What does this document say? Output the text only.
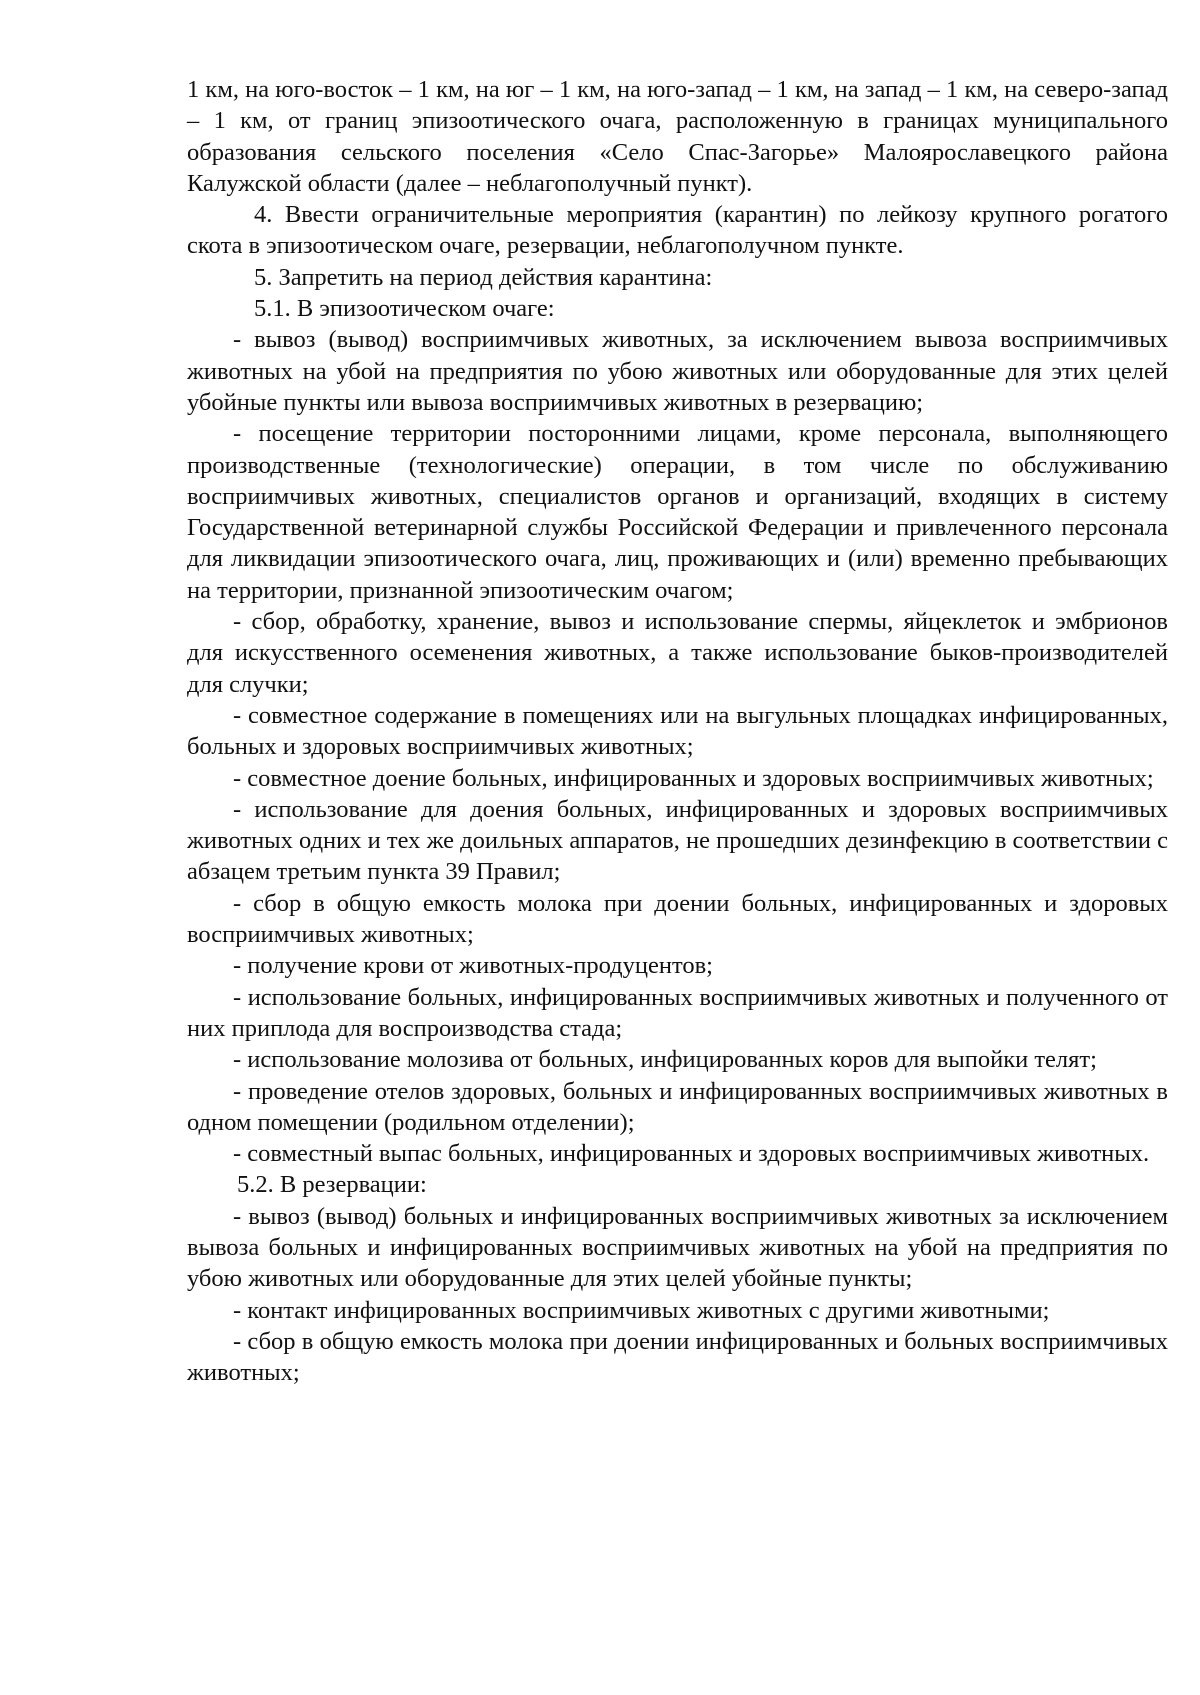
1 км, на юго-восток – 1 км, на юг – 1 км, на юго-запад – 1 км, на запад – 1 км, на северо-запад – 1 км, от границ эпизоотического очага, расположенную в границах муниципального образования сельского поселения «Село Спас-Загорье» Малоярославецкого района Калужской области (далее – неблагополучный пункт).

4. Ввести ограничительные мероприятия (карантин) по лейкозу крупного рогатого скота в эпизоотическом очаге, резервации, неблагополучном пункте.

5. Запретить на период действия карантина:

5.1. В эпизоотическом очаге:

- вывоз (вывод) восприимчивых животных, за исключением вывоза восприимчивых животных на убой на предприятия по убою животных или оборудованные для этих целей убойные пункты или вывоза восприимчивых животных в резервацию;

- посещение территории посторонними лицами, кроме персонала, выполняющего производственные (технологические) операции, в том числе по обслуживанию восприимчивых животных, специалистов органов и организаций, входящих в систему Государственной ветеринарной службы Российской Федерации и привлеченного персонала для ликвидации эпизоотического очага, лиц, проживающих и (или) временно пребывающих на территории, признанной эпизоотическим очагом;

- сбор, обработку, хранение, вывоз и использование спермы, яйцеклеток и эмбрионов для искусственного осеменения животных, а также использование быков-производителей для случки;

- совместное содержание в помещениях или на выгульных площадках инфицированных, больных и здоровых восприимчивых животных;

- совместное доение больных, инфицированных и здоровых восприимчивых животных;

- использование для доения больных, инфицированных и здоровых восприимчивых животных одних и тех же доильных аппаратов, не прошедших дезинфекцию в соответствии с абзацем третьим пункта 39 Правил;

- сбор в общую емкость молока при доении больных, инфицированных и здоровых восприимчивых животных;

- получение крови от животных-продуцентов;

- использование больных, инфицированных восприимчивых животных и полученного от них приплода для воспроизводства стада;

- использование молозива от больных, инфицированных коров для выпойки телят;

- проведение отелов здоровых, больных и инфицированных восприимчивых животных в одном помещении (родильном отделении);

- совместный выпас больных, инфицированных и здоровых восприимчивых животных.

5.2. В резервации:

- вывоз (вывод) больных и инфицированных восприимчивых животных за исключением вывоза больных и инфицированных восприимчивых животных на убой на предприятия по убою животных или оборудованные для этих целей убойные пункты;

- контакт инфицированных восприимчивых животных с другими животными;

- сбор в общую емкость молока при доении инфицированных и больных восприимчивых животных;
